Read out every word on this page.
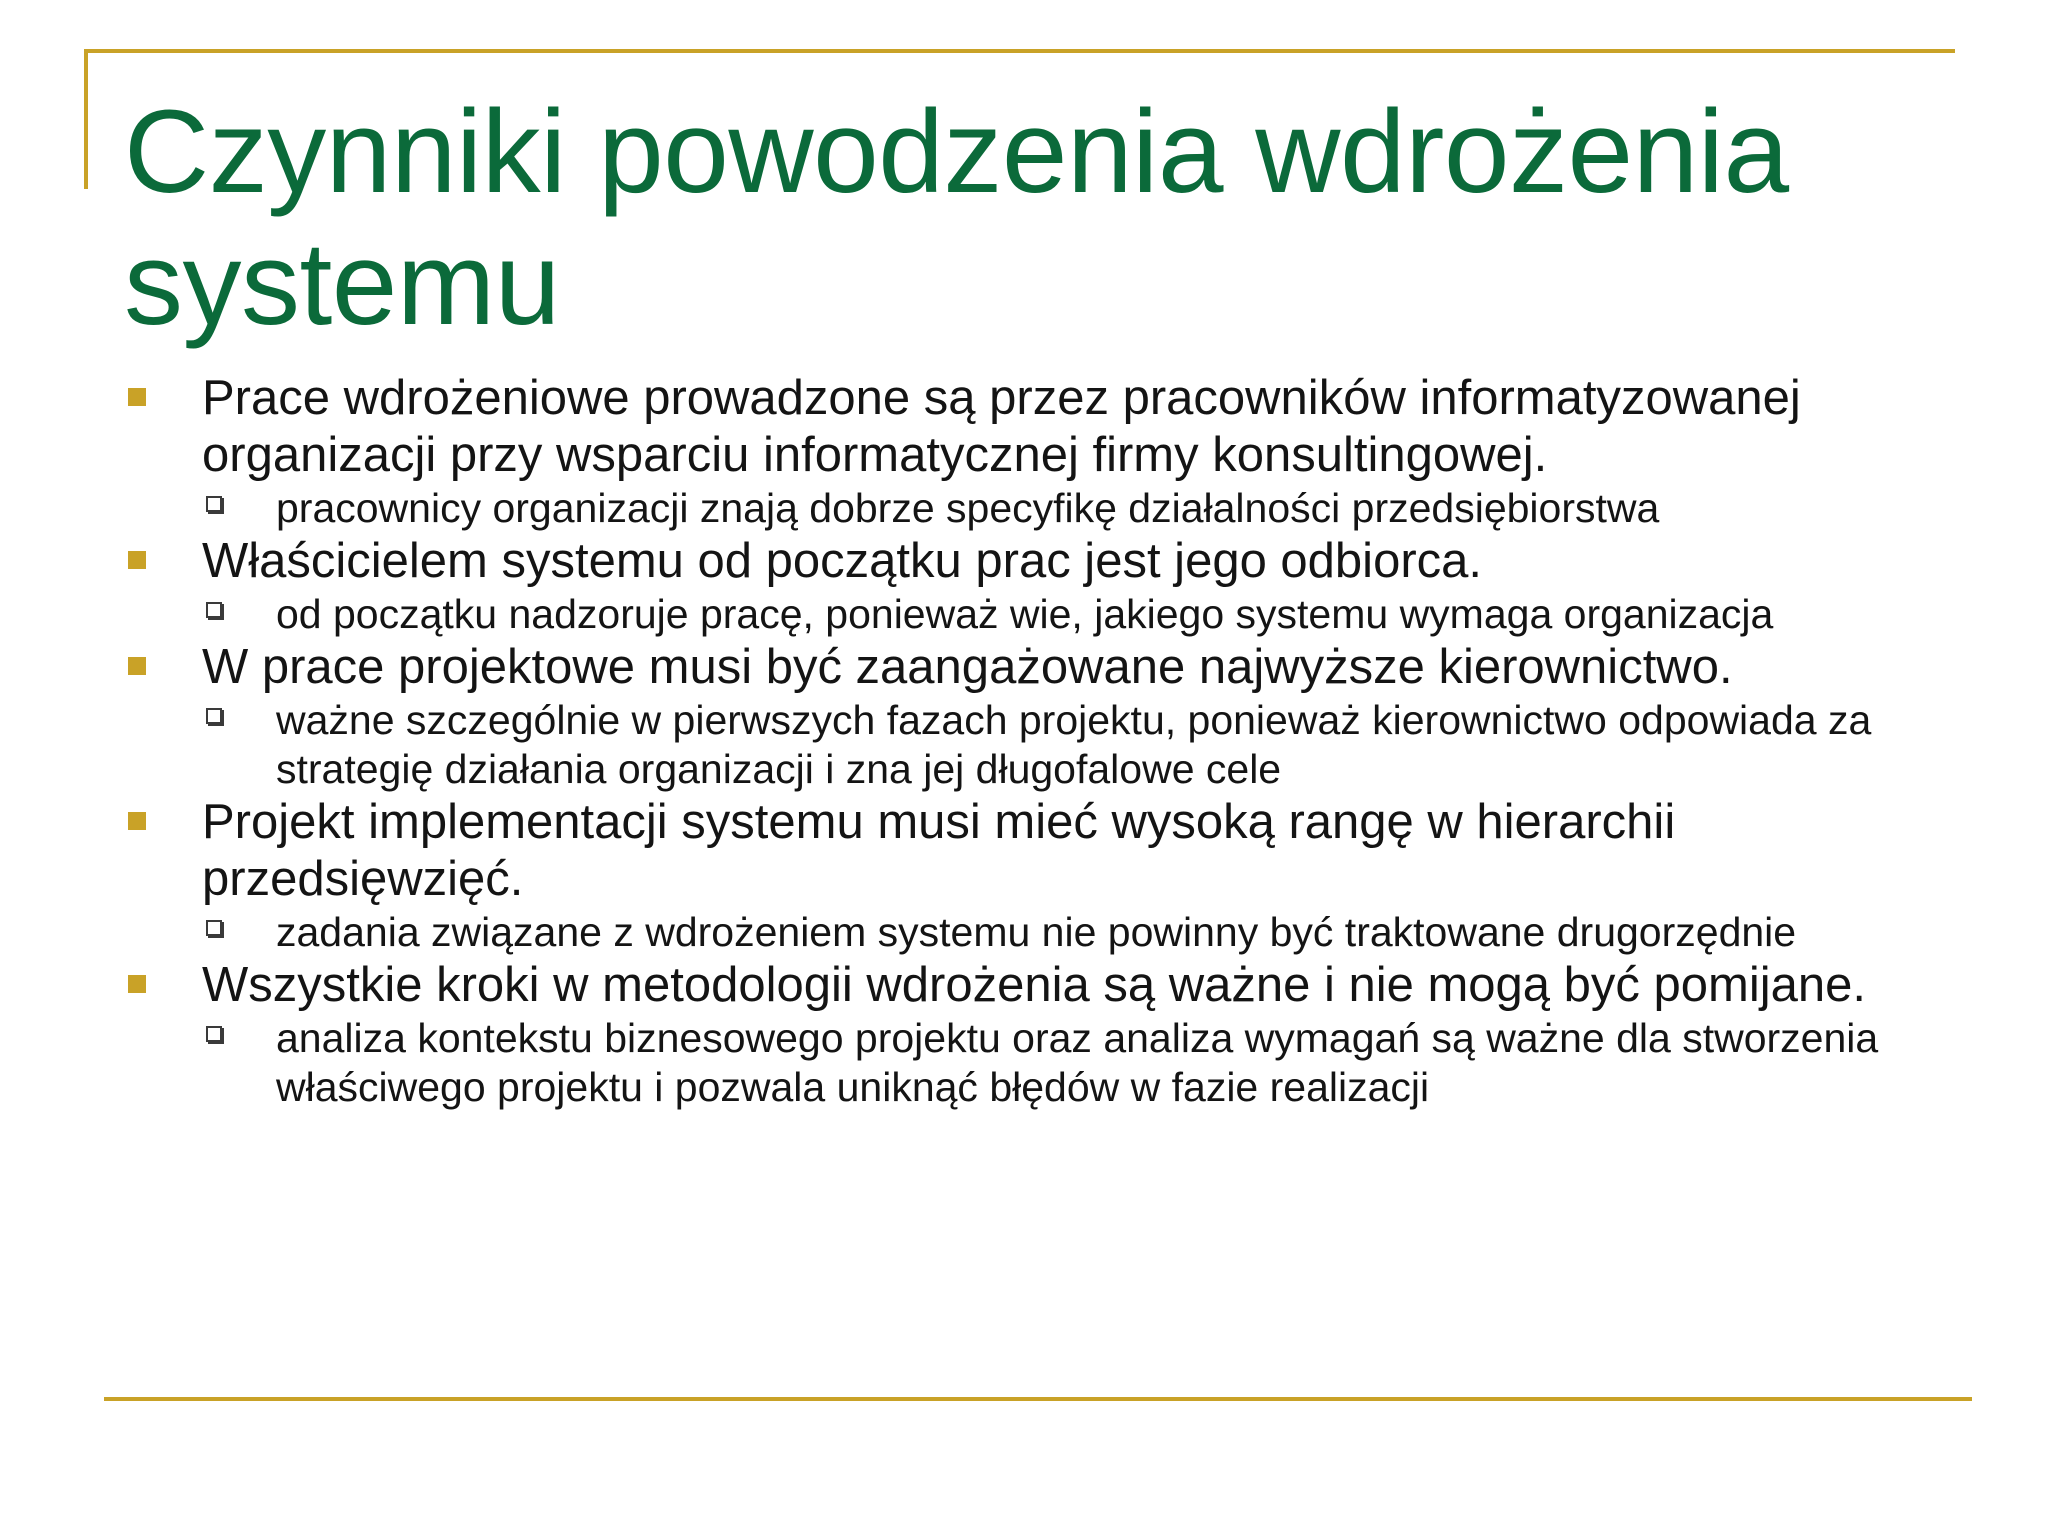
Czynniki powodzenia wdrożenia systemu
Prace wdrożeniowe prowadzone są przez pracowników informatyzowanej organizacji przy wsparciu informatycznej firmy konsultingowej.
pracownicy organizacji znają dobrze specyfikę działalności przedsiębiorstwa
Właścicielem systemu od początku prac jest jego odbiorca.
od początku nadzoruje pracę, ponieważ wie, jakiego systemu wymaga organizacja
W prace projektowe musi być zaangażowane najwyższe kierownictwo.
ważne szczególnie w pierwszych fazach projektu, ponieważ kierownictwo odpowiada za strategię działania organizacji i zna jej długofalowe cele
Projekt implementacji systemu musi mieć wysoką rangę w hierarchii przedsięwzięć.
zadania związane z wdrożeniem systemu nie powinny być traktowane drugorzędnie
Wszystkie kroki w metodologii wdrożenia są ważne i nie mogą być pomijane.
analiza kontekstu biznesowego projektu oraz analiza wymagań są ważne dla stworzenia właściwego projektu i pozwala uniknąć błędów w fazie realizacji
